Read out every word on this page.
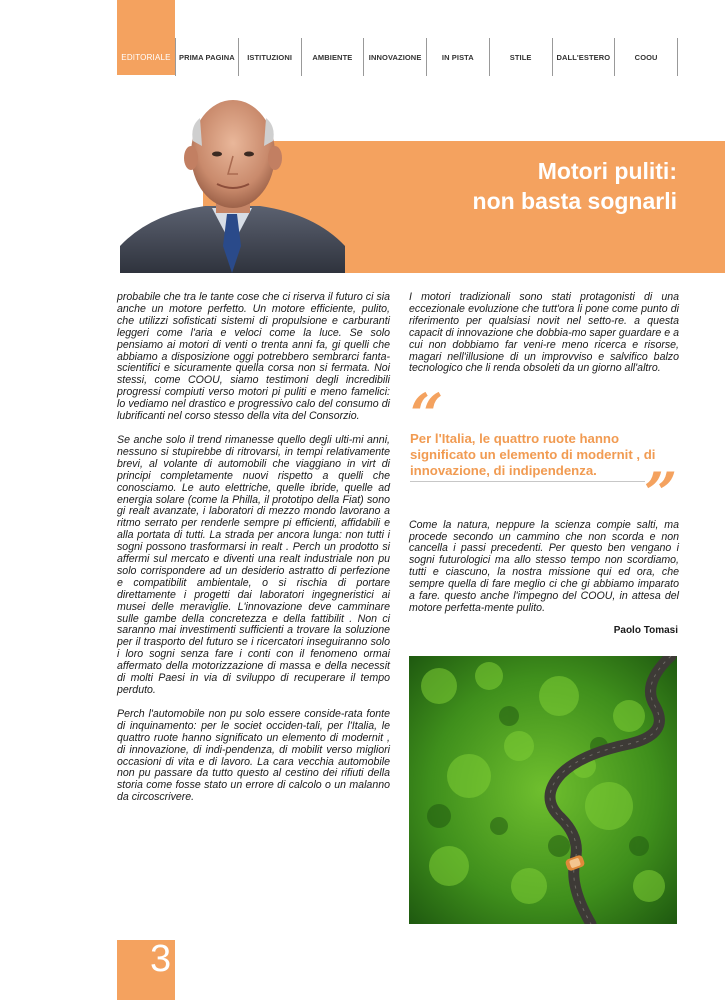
EDITORIALE	PRIMA PAGINA	ISTITUZIONI	AMBIENTE	INNOVAZIONE	IN PISTA	STILE	DALL'ESTERO	COOU
Motori puliti:
non basta sognarli

probabile che tra le tante cose che ci riserva il futuro ci sia anche un motore perfetto. Un motore efficiente, pulito, che utilizzi sofisticati sistemi di propulsione e carburanti leggeri come l'aria e veloci come la luce. Se solo pensiamo ai motori di venti o trenta anni fa, gi quelli che abbiamo a disposizione oggi potrebbero sembrarci fanta-scientifici e sicuramente quella corsa non si fermata. Noi stessi, come COOU, siamo testimoni degli incredibili progressi compiuti verso motori pi puliti e meno famelici: lo vediamo nel drastico e progressivo calo del consumo di lubrificanti nel corso stesso della vita del Consorzio.

Se anche solo il trend rimanesse quello degli ulti-mi anni, nessuno si stupirebbe di ritrovarsi, in tempi relativamente brevi, al volante di automobili che viaggiano in virt di principi completamente nuovi rispetto a quelli che conosciamo. Le auto elettriche, quelle ibride, quelle ad energia solare (come la Philla, il prototipo della Fiat) sono gi realt avanzate, i laboratori di mezzo mondo lavorano a ritmo serrato per renderle sempre pi efficienti, affidabili e alla portata di tutti. La strada per ancora lunga: non tutti i sogni possono trasformarsi in realt . Perch un prodotto si affermi sul mercato e diventi una realt industriale non pu solo corrispondere ad un desiderio astratto di perfezione e compatibilit ambientale, o si rischia di portare direttamente i progetti dai laboratori ingegneristici ai musei delle meraviglie. L'innovazione deve camminare sulle gambe della concretezza e della fattibilit . Non ci saranno mai investimenti sufficienti a trovare la soluzione per il trasporto del futuro se i ricercatori inseguiranno solo i loro sogni senza fare i conti con il fenomeno ormai affermato della motorizzazione di massa e della necessit di molti Paesi in via di sviluppo di recuperare il tempo perduto.

Perch l'automobile non pu solo essere conside-rata fonte di inquinamento: per le societ occiden-tali, per l'Italia, le quattro ruote hanno significato un elemento di modernit , di innovazione, di indi-pendenza, di mobilit verso migliori occasioni di vita e di lavoro. La cara vecchia automobile non pu passare da tutto questo al cestino dei rifiuti della storia come fosse stato un errore di calcolo o un malanno da circoscrivere.

I motori tradizionali sono stati protagonisti di una eccezionale evoluzione che tutt'ora li pone come punto di riferimento per qualsiasi novit nel setto-re. a questa capacit di innovazione che dobbia-mo saper guardare e a cui non dobbiamo far veni-re meno ricerca e risorse, magari nell'illusione di un improvviso e salvifico balzo tecnologico che li renda obsoleti da un giorno all'altro.

“
Per l'Italia, le quattro ruote hanno significato un elemento di modernit , di innovazione, di indipendenza. ”

Come la natura, neppure la scienza compie salti, ma procede secondo un cammino che non scorda e non cancella i passi precedenti. Per questo ben vengano i sogni futurologici ma allo stesso tempo non scordiamo, tutti e ciascuno, la nostra missione qui ed ora, che sempre quella di fare meglio ci che gi abbiamo imparato a fare. questo anche l'impegno del COOU, in attesa del motore perfetta-mente pulito.

Paolo Tomasi
3
